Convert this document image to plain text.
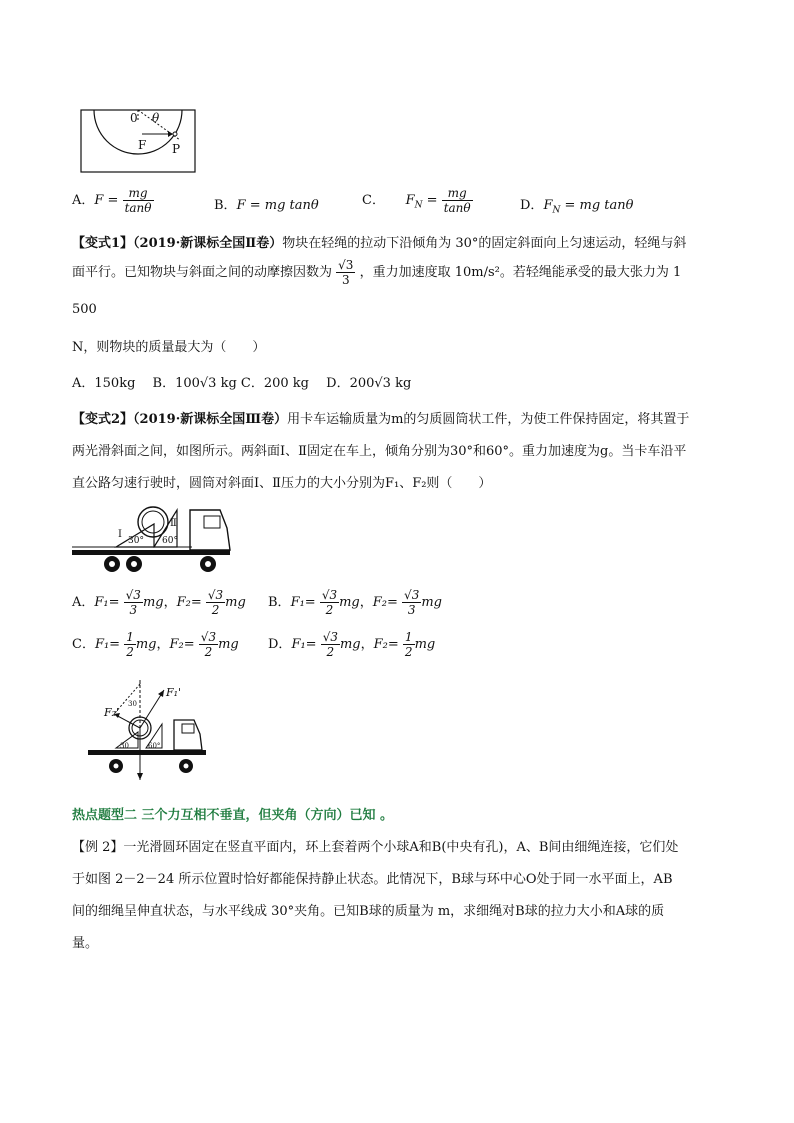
0 θ
F P
A．$F = \frac{mg}{\tan\theta}$	B．F = mg tanθ	C． $F_N = \frac{mg}{\tan\theta}$	D．$F_N$ = mg tanθ
【变式1】（2019·新课标全国Ⅱ卷）物块在轻绳的拉动下沿倾角为 30°的固定斜面向上匀速运动，轻绳与斜
面平行。已知物块与斜面之间的动摩擦因数为 $\frac{√3}{3}$ ，重力加速度取 10m/s²。若轻绳能承受的最大张力为 1
500
N，则物块的质量最大为（　　）
A．150kg　 B．100√3 kg C．200 kg　 D．200√3 kg
【变式2】（2019·新课标全国Ⅲ卷）用卡车运输质量为m的匀质圆筒状工件，为使工件保持固定，将其置于
两光滑斜面之间，如图所示。两斜面Ⅰ、Ⅱ固定在车上，倾角分别为30°和60°。重力加速度为g。当卡车沿平
直公路匀速行驶时，圆筒对斜面Ⅰ、Ⅱ压力的大小分别为F₁、F₂则（　　）
Ⅰ
Ⅱ
30° 60°
A．$F_1= \frac{√3}{3}$ mg，$F_2= \frac{√3}{2}$ mg B．$F_1= \frac{√3}{2}$ mg，$F_2= \frac{√3}{3}$ mg
C．$F_1= \frac{1}{2}$ mg，$F_2= \frac{√3}{2}$ mg D．$F_1= \frac{√3}{2}$ mg，$F_2= \frac{1}{2}$ mg
F₁'
F₂'
30
30	60°
热点题型二 三个力互相不垂直，但夹角（方向）已知 。
【例 2】一光滑圆环固定在竖直平面内，环上套着两个小球A和B(中央有孔)，A、B间由细绳连接，它们处
于如图 2－2－24 所示位置时恰好都能保持静止状态。此情况下，B球与环中心O处于同一水平面上，AB
间的细绳呈伸直状态，与水平线成 30°夹角。已知B球的质量为 m，求细绳对B球的拉力大小和A球的质
量。
